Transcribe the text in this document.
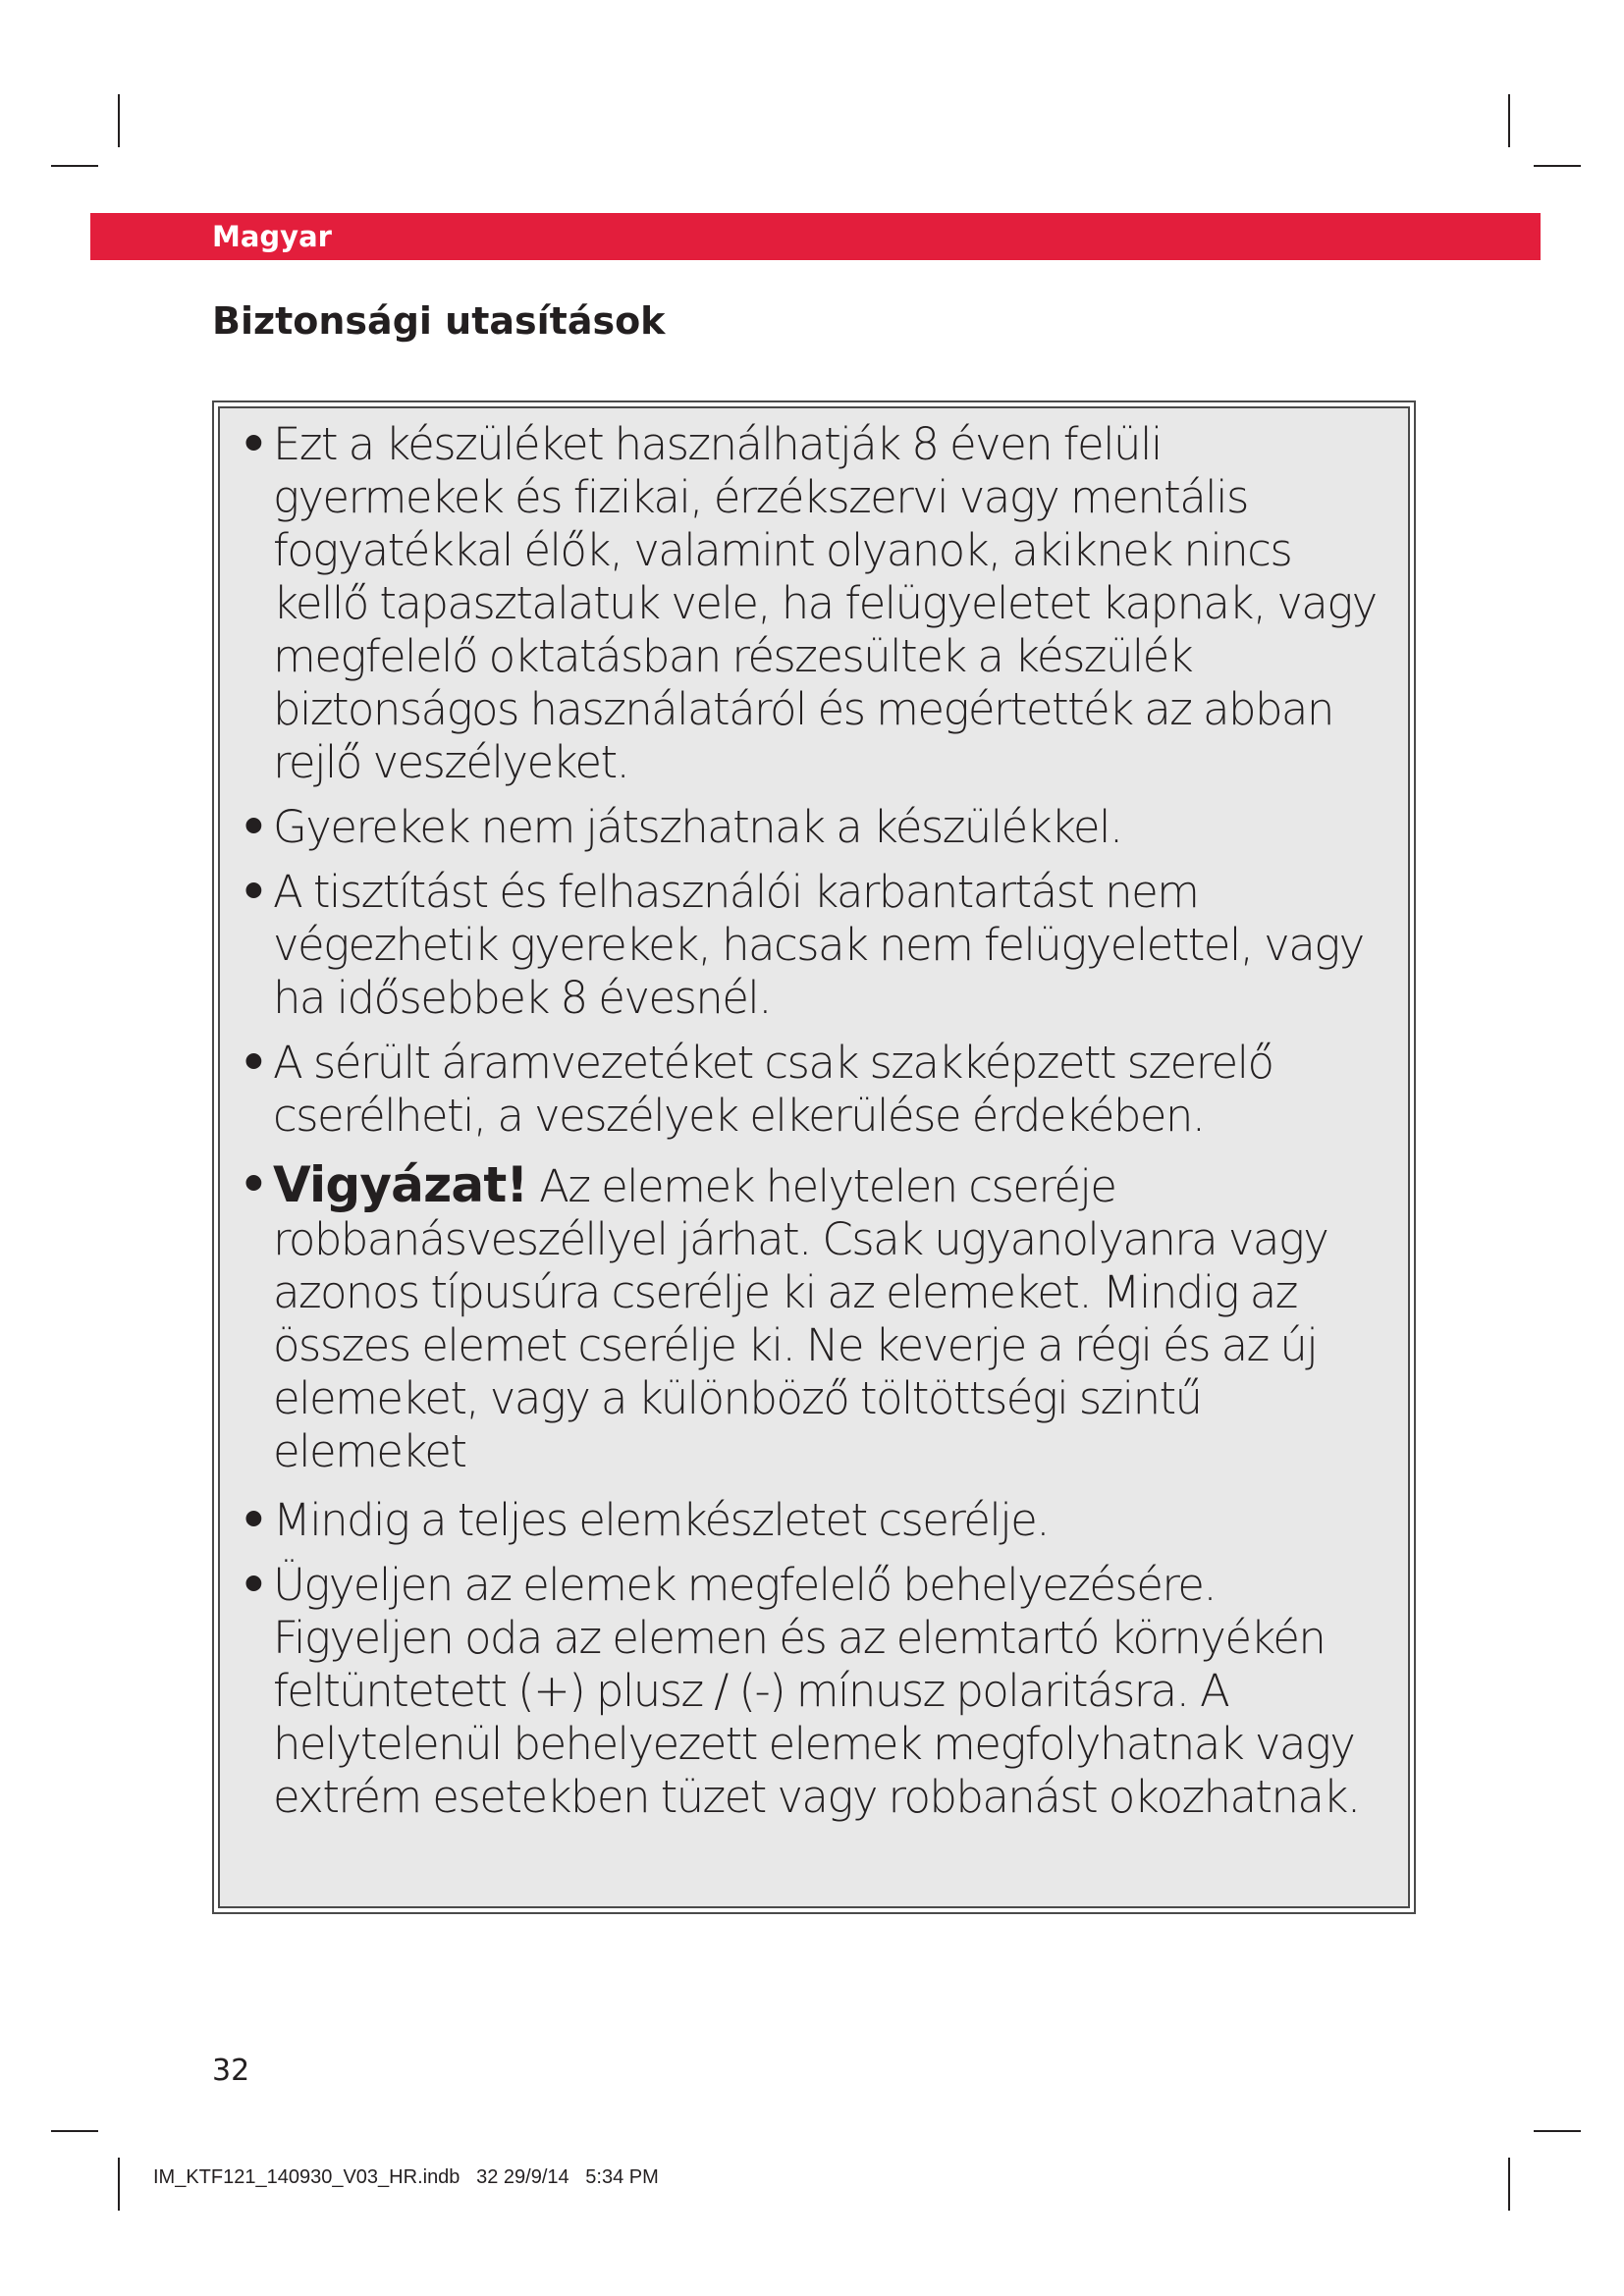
Magyar
Biztonsági utasítások
• Ezt a készüléket használhatják 8 éven felüli gyermekek és fizikai, érzékszervi vagy mentális fogyatékkal élők, valamint olyanok, akiknek nincs kellő tapasztalatuk vele, ha felügyeletet kapnak, vagy megfelelő oktatásban részesültek a készülék biztonságos használatáról és megértették az abban rejlő veszélyeket.
• Gyerekek nem játszhatnak a készülékkel.
• A tisztítást és felhasználói karbantartást nem végezhetik gyerekek, hacsak nem felügyelettel, vagy ha idősebbek 8 évesnél.
• A sérült áramvezetéket csak szakképzett szerelő cserélheti, a veszélyek elkerülése érdekében.
• Vigyázat! Az elemek helytelen cseréje robbanásveszéllyel járhat. Csak ugyanolyanra vagy azonos típusúra cserélje ki az elemeket. Mindig az összes elemet cserélje ki. Ne keverje a régi és az új elemeket, vagy a különböző töltöttségi szintű elemeket
• Mindig a teljes elemkészletet cserélje.
• Ügyeljen az elemek megfelelő behelyezésére. Figyeljen oda az elemen és az elemtartó környékén feltüntetett (+) plusz / (-) mínusz polaritásra. A helytelenül behelyezett elemek megfolyhatnak vagy extrém esetekben tüzet vagy robbanást okozhatnak.
32
IM_KTF121_140930_V03_HR.indb   32 29/9/14   5:34 PM
